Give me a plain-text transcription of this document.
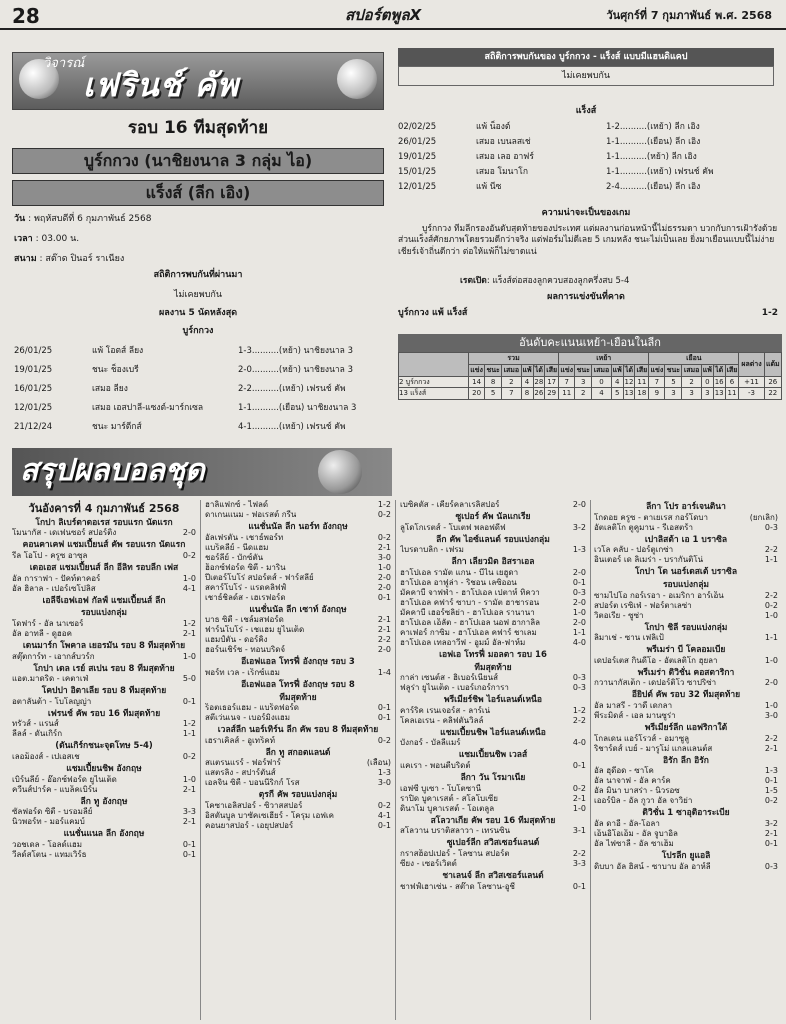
28	สปอร์ตพูลX	วันศุกร์ที่ 7 กุมภาพันธ์ พ.ศ. 2568
วิจารณ์
เฟรินช์ คัพ
รอบ 16 ทีมสุดท้าย
บูร์กกวง (นาชิยงนาล 3 กลุ่ม ไอ)
แร็งส์ (ลีก เอิง)
วัน : พฤหัสบดีที่ 6 กุมภาพันธ์ 2568
เวลา : 03.00 น.
สนาม : สต๊าด ปินอร์ ราเนียง
สถิติการพบกันที่ผ่านมา
ไม่เคยพบกัน
ผลงาน 5 นัดหลังสุด
บูร์กกวง
26/01/25	แพ้ โอตส์ ลียง	1-3..........(หย้า) นาชิยงนาล 3
19/01/25	ชนะ ช็องเบรี	2-0..........(หย้า) นาชิยงนาล 3
16/01/25	เสมอ ลียง	2-2..........(เหย้า) เฟรนช์ คัพ
12/01/25	เสมอ เอสปาลี-แซงต์-มาร์กเซล	1-1..........(เยือน) นาชิยงนาล 3
21/12/24	ชนะ มาร์ตีกส์	4-1..........(เหย้า) เฟรนช์ คัพ
สถิติการพบกันของ บูร์กกวง - แร็งส์ แบบมีแฮนดิแคป
ไม่เคยพบกัน
แร็งส์
02/02/25	แพ้ น็องต์	1-2..........(เหย้า) ลีก เอิง
26/01/25	เสมอ เบนลสเช่	1-1..........(เยือน) ลีก เอิง
19/01/25	เสมอ เลอ อาฟร์	1-1..........(หย้า) ลีก เอิง
15/01/25	เสมอ โมนาโก	1-1..........(เหย้า) เฟรนช์ คัพ
12/01/25	แพ้ นีซ	2-4..........(เยือน) ลีก เอิง
ความน่าจะเป็นของเกม
บูร์กกวง ทีมลีกรองอันดับสุดท้ายของประเทศ แต่ผลงานก่อนหน้านี้ไม่ธรรมดา บวกกับการเฝ้ารังด้วย ส่วนแร็งส์ศักยภาพโดยรวมดีกว่าจริง แต่ฟอร์มไม่ดีเลย 5 เกมหลัง ชนะไม่เป็นเลย ยิ่งมาเยือนแบบนี้ไม่ง่าย เชียร์เจ้าถิ่นดีกว่า ต่อให้แพ้ก็ไม่ขาดแน่
เรตเปิด: แร็งส์ต่อสองลูกควบสองลูกครึ่งสบ 5-4
ผลการแข่งขันที่คาด
บูร์กกวง แพ้ แร็งส์	1-2
อันดับคะแนนเหย้า-เยือนในลีก
	รวม						เหย้า						เยือน						ผลต่าง	แต้ม
	แข่ง	ชนะ	เสมอ	แพ้	ได้	เสีย	แข่ง	ชนะ	เสมอ	แพ้	ได้	เสีย	แข่ง	ชนะ	เสมอ	แพ้	ได้	เสีย		
2 บูร์กกวง	14	8	2	4	28	17	7	3	0	4	12	11	7	5	2	0	16	6	+11	26
13 แร็งส์	20	5	7	8	26	29	11	2	4	5	13	18	9	3	3	3	13	11	-3	22
สรุปผลบอลชุด
วันอังคารที่ 4 กุมภาพันธ์ 2568
โกปา ลิเบร์ตาดอเรส รอบแรก นัดแรก
โมนากัส - เดเฟนซอร์ สปอร์ติ้ง	2-0
คอนคาเคฟ แชมเปี้ยนส์ คัพ รอบแรก นัดแรก
รีล โอโป - ครูซ อาซุล	0-2
เดอเอส แชมเปี้ยนส์ ลีก อีลิท รอบลีก เฟส
อัล การาฟา - ปัคท์ตาคอร์	1-0
อัล ฮิลาล - เปอร์เซโปลิส	4-1
เอลีจีเอฟเอฟ กัลฟ์ แชมเปี้ยนส์ ลีก
รอบแบ่งกลุ่ม
โดฟาร์ - อัล นาเซอร์	1-2
อัล อาทลี - ดูฮอค	2-1
เดนมาร์ก โพคาล เยอรมัน รอบ 8 ทีมสุดท้าย
สตุ๊ตการ์ท - เอากส์บวร์ก	1-0
โกปา เดล เรย์ สเปน รอบ 8 ทีมสุดท้าย
แอต.มาดริด - เคตาเฟ่	5-0
โคปปา อิตาเลีย รอบ 8 ทีมสุดท้าย
อตาลันต้า - โบโลญญ่า	0-1
เฟรนช์ คัพ รอบ 16 ทีมสุดท้าย
ทรัวส์ - แรนส์	1-2
ลีลล์ - ดันเกิร์ก	1-1
(ดันเกิร์กชนะจุดโทษ 5-4)
เลอม็องส์ - เปเอสเช	0-2
แชมเปี้ยนชิพ อังกฤษ
เบิร์นลี่ย์ - อ๊อกซ์ฟอร์ด ยูไนเต็ด	1-0
ควีนส์ปาร์ค - แบล็คเบิร์น	2-1
ลีก ทู อังกฤษ
ซัลฟอร์ด ซิตี้ - บรอมลี่ย์	3-3
นิวพอร์ท - มอร์แคมบ์	2-1
แนชั่นแนล ลีก อังกฤษ
วอชเดล - โอลด์แฮม	0-1
วีลด์สโตน - แทมเวิร์ธ	0-1
ฮาลิแฟกซ์ - ไฟลด์	1-2
ดาเกนแนม - ฟอเรสต์ กรีน	0-2
แนชั่นนัล ลีก นอร์ท อังกฤษ
อัลเฟรตัน - เชาธ์พอร์ท	0-2
แบร็คลี่ย์ - นีดแฮม	2-1
ชอร์ลี่ย์ - บักซ์ตัน	3-0
ฮ็อกซ์ฟอร์ด ซิตี้ - มาริน	1-0
ปีเตอร์โบโร่ สปอร์ตส์ - ฟาร์สลี่ย์	2-0
สคาร์โบโร่ - แรดคลิฟฟ์	2-0
เชาธ์ชิลด์ส - เฮเรฟอร์ด	0-1
แนชั่นนัล ลีก เซาท์ อังกฤษ
บาธ ซิตี้ - เชล์มสฟอร์ด	2-1
ฟาร์นโบโร่ - เชแฮม ยูไนเต็ด	2-1
แฮมป์ตัน - ดอร์คิ้ง	2-2
ฮอร์นเชิร์ช - ทอนบริดจ์	2-0
อีเอฟแอล โทรฟี่ อังกฤษ รอบ 3
พอร์ท เวล - เร็กซ์แฮม	1-4
อีเอฟแอล โทรฟี่ อังกฤษ รอบ 8
ทีมสุดท้าย
ร็อตเธอร์แฮม - แบร็ดฟอร์ด	0-1
สตีเว่นเนจ - เบอร์มิงแฮม	0-1
เวลส์ลีก นอร์เทิร์น ลีก คัพ รอบ 8 ทีมสุดท้าย
เฮราเคิลส์ - อูเทร็คท์	0-2
ลีก ทู สกอตแลนด์
สแตรนแรร์ - ฟอร์ฟาร์	(เลื่อน)
แสตรลิง - สปาร์ตันส์	1-3
เอลจิน ซิตี้ - บอนนีริกก์ โรส	3-0
ตุรกี คัพ รอบแบ่งกลุ่ม
โคซาเอลิสปอร์ - ซิวาสสปอร์	0-2
อิสตันบูล บาซัคเซเฮียร์ - โครุม เอฟเค	4-1
คอนยาสปอร์ - เอยุปสปอร์	0-1
เบซิคตัส - เคียร์คลาเรลิสปอร์	2-0
ซูเปอร์ คัพ นัลแกเรีย
ลูโดโกเรตส์ - โบเตฟ พลอฟดีฟ	3-2
ลีก คัพ ไอซ์แลนด์ รอบแบ่งกลุ่ม
ไบรดาบลิก - เฟรม	1-3
ลีกา เลียวมิต อิสราเอล
ฮาโปเอล รามัต แกน - บีไน เยฮูดา	2-0
ฮาโปเอล อาฟูล่า - ริชอน เลซิออน	0-1
มัคคาบี้ จาฟฟ่า - ฮาโปเอล เปตาห์ ทิควา	0-3
ฮาโปเอล คฟาร์ ซาบา - รามัต ฮาชารอน	2-0
มัคคาบี้ เฮอร์ซลิย่า - ฮาโปเอล รานานา	1-0
ฮาโปเอล เอ็ลัต - ฮาโปเอล นอฟ ฮากาลิล	2-0
คาเฟอร์ กาซิม - ฮาโปเอล คฟาร์ ชาเลม	1-1
ฮาโปเอล เทลอาวีฟ - อูมม์ อัล-ฟาห์ม	4-0
เอฟเอ โทรฟี่ มอลตา รอบ 16
ทีมสุดท้าย
กาล่า เซนต์ส - ฮิเบอร์เนียนส์	0-3
ฟลูร่า ยูไนเต็ด - เบอร์เกอร์การา	0-3
พรีเมียร์ชิพ ไอร์แลนด์เหนือ
คาร์ริค เรนเจอร์ส - ลาร์เน่	1-2
โคลเอเรน - คลิฟตันวิลล์	2-2
แชมเปี้ยนชิพ ไอร์แลนด์เหนือ
บังกอร์ - บัลลีแมร์	4-0
แชมเปี้ยนชิพ เวลส์
แคเรา - พอนตีบริดต์	0-1
ลีกา วัน โรมาเนีย
เอฟซี บูเซา - โบโตซานี่	0-2
ราปิด บูคาเรสต์ - สโลโบเซีย	2-1
ดินาโม บูคาเรสต์ - โอเตลูล	1-0
สโลวาเกีย คัพ รอบ 16 ทีมสุดท้าย
สโลวาน บราติสลาวา - เทรนซิน	3-1
ซูเปอร์ลีก สวิสเซอร์แลนด์
กราสฮ็อปเปอร์ - โลซาน สปอร์ต	2-2
ซียง - เซอร์เวิตต์	3-3
ชาเลนจ์ ลีก สวิสเซอร์แลนด์
ชาฟฟ์เฮาเซ่น - สต๊าด โลซาน-อูชี่	0-1
ลีกา โปร อาร์เจนตินา
โกดอย ครูซ - ตาเยเรส กอร์โดบา	(ยกเลิก)
อัตเลติโก ตูคูมาน - รีเอสตร้า	0-3
เปาลิสต้า เอ 1 บราซิล
เวโล คลับ - ปอร์ตูเกซ่า	2-2
อินเตอร์ เด ลิเมร่า - บรากันติโน่	1-1
โกปา โด นอร์เดสเต้ บราซิล
รอบแบ่งกลุ่ม
ซามไปโอ กอร์เรอา - อเมริกา อาร์เอ็น	2-2
สปอร์ต เรซิเฟ่ - ฟอร์ตาเลซ่า	0-2
วิตอเรีย - ซูซ่า	1-0
โกปา ชิลี รอบแบ่งกลุ่ม
ลิมาเช่ - ซาน เฟลิเป้	1-1
พรีเมร่า บี โคลอมเบีย
เดปอร์เตส กินดีโอ - อัตเลติโก ฮุยลา	1-0
พรีเมร่า ดิวิชั่น คอสตาริกา
กวานากัสเต็ก - เดปอร์ติโว ซาปริซ่า	2-0
อียิปต์ คัพ รอบ 32 ทีมสุดท้าย
อัล มาสรี - วาดี้ เดกลา	1-0
พีระมิดส์ - เอล มานซูร่า	3-0
พรีเมียร์ลีก แอฟริกาใต้
โกลเดน แอร์โรวส์ - อมาซูลู	2-2
ริชาร์ดส์ เบย์ - มารูโม่ แกลแลนต์ส	2-1
อิรัก ลีก อิรัก
อัล ฮุดีอด - ซาโค	1-3
อัล นาจาฟ - อัล คาร์ค	0-1
อัล มินา บาสร่า - นิวรอซ	1-5
เออร์บิล - อัล กูวา อัล จาวิย่า	0-2
ดิวิชั่น 1 ซาอุดิอาระเบีย
อัล ดาอี - อัล-โอลา	3-2
เอ็นอิโอเอ็ม - อัล จูบาอิล	2-1
อัล ไฟซาลี่ - อัล ซาเฮ็ม	0-1
โปรลีก ยูแอลิ
ดิบบา อัล ฮิสน์ - ซาบาบ อัล อาห์ลี	0-3
